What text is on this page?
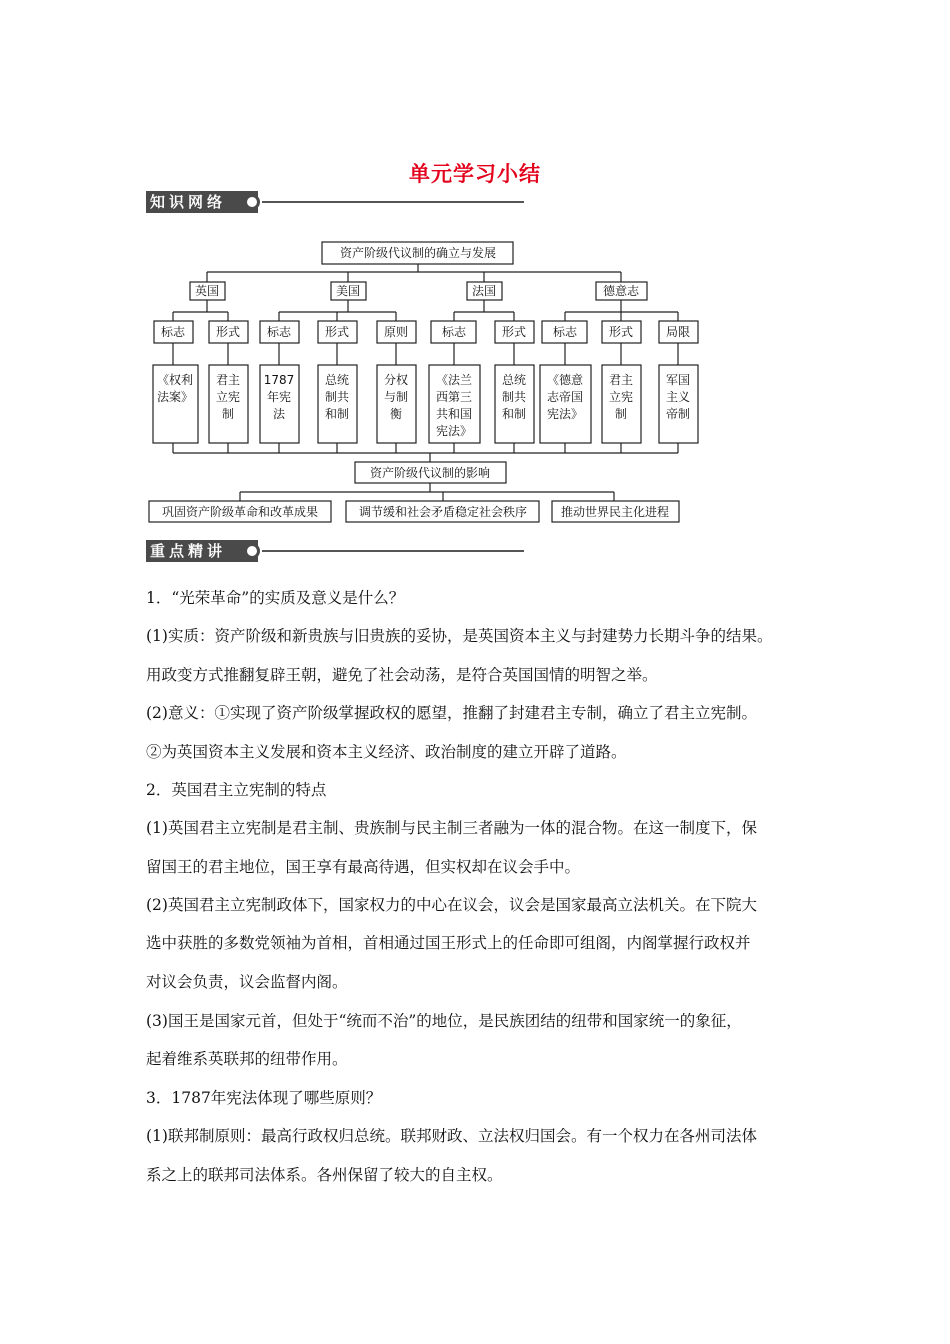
单元学习小结
知识网络
资产阶级代议制的确立与发展
英国	美国	法国	德意志
标志	形式 标志	形式	原则	标志	形式 标志	形式	局限
《权利
法案》
君主
立宪
制
1787
年宪
法
总统
制共
和制
分权
与制
衡
《法兰
西第三
共和国
宪法》
总统
制共
和制
《德意
志帝国
宪法》
君主
立宪
制
军国
主义
帝制
资产阶级代议制的影响
巩固资产阶级革命和改革成果	调节缓和社会矛盾稳定社会秩序	推动世界民主化进程
重点精讲
1．“光荣革命”的实质及意义是什么？
(1)实质：资产阶级和新贵族与旧贵族的妥协，是英国资本主义与封建势力长期斗争的结果。
用政变方式推翻复辟王朝，避免了社会动荡，是符合英国国情的明智之举。
(2)意义：①实现了资产阶级掌握政权的愿望，推翻了封建君主专制，确立了君主立宪制。
②为英国资本主义发展和资本主义经济、政治制度的建立开辟了道路。
2．英国君主立宪制的特点
(1)英国君主立宪制是君主制、贵族制与民主制三者融为一体的混合物。在这一制度下，保
留国王的君主地位，国王享有最高待遇，但实权却在议会手中。
(2)英国君主立宪制政体下，国家权力的中心在议会，议会是国家最高立法机关。在下院大
选中获胜的多数党领袖为首相，首相通过国王形式上的任命即可组阁，内阁掌握行政权并
对议会负责，议会监督内阁。
(3)国王是国家元首，但处于“统而不治”的地位，是民族团结的纽带和国家统一的象征，
起着维系英联邦的纽带作用。
3．1787年宪法体现了哪些原则？
(1)联邦制原则：最高行政权归总统。联邦财政、立法权归国会。有一个权力在各州司法体
系之上的联邦司法体系。各州保留了较大的自主权。
